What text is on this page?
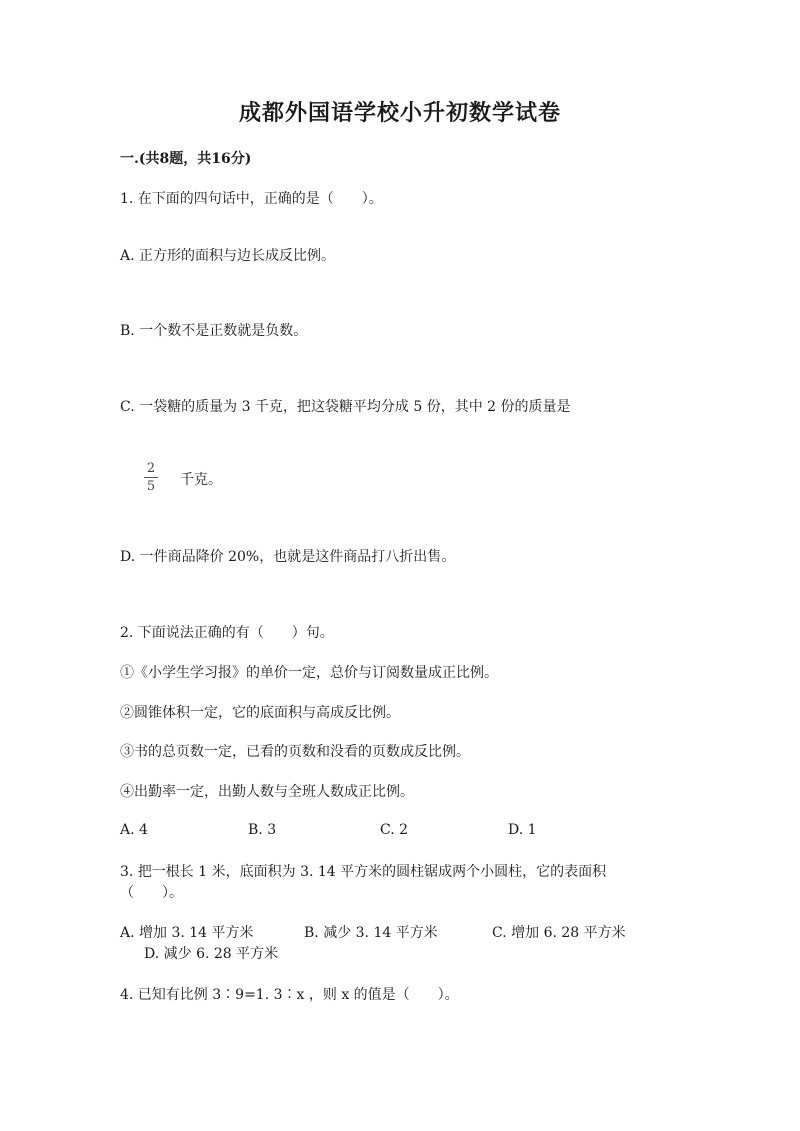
成都外国语学校小升初数学试卷
一.(共8题，共16分)
1. 在下面的四句话中，正确的是（　　）。
A. 正方形的面积与边长成反比例。
B. 一个数不是正数就是负数。
C. 一袋糖的质量为 3 千克，把这袋糖平均分成 5 份，其中 2 份的质量是
2
5 千克。
D. 一件商品降价 20%，也就是这件商品打八折出售。
2. 下面说法正确的有（　　）句。
①《小学生学习报》的单价一定，总价与订阅数量成正比例。
②圆锥体积一定，它的底面积与高成反比例。
③书的总页数一定，已看的页数和没看的页数成反比例。
④出勤率一定，出勤人数与全班人数成正比例。
A. 4	B. 3	C. 2	D. 1
3. 把一根长 1 米，底面积为 3. 14 平方米的圆柱锯成两个小圆柱，它的表面积
（　　）。
A. 增加 3. 14 平方米	B. 减少 3. 14 平方米	C. 增加 6. 28 平方米
D. 减少 6. 28 平方米
4. 已知有比例 3∶9=1. 3∶x ，则 x 的值是（　　）。
